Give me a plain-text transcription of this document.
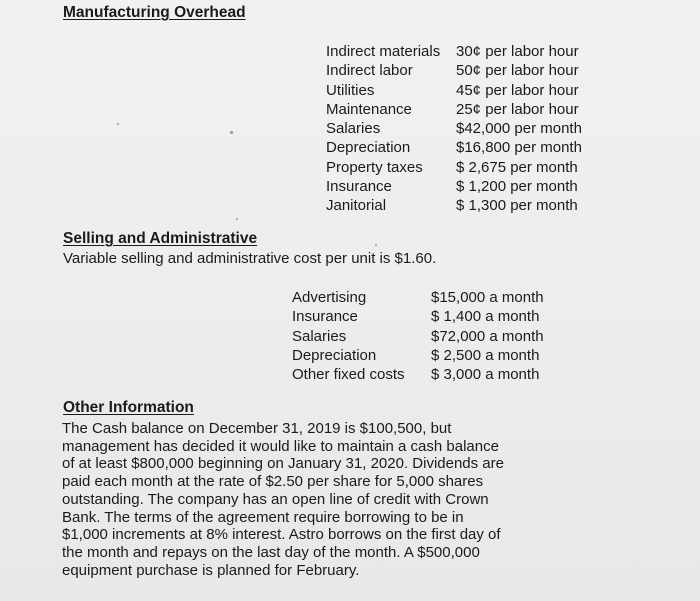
Manufacturing Overhead
Indirect materials	30¢ per labor hour
Indirect labor	50¢ per labor hour
Utilities	45¢ per labor hour
Maintenance	25¢ per labor hour
Salaries	$42,000 per month
Depreciation	$16,800 per month
Property taxes	$ 2,675 per month
Insurance	$ 1,200 per month
Janitorial	$ 1,300 per month
Selling and Administrative
Variable selling and administrative cost per unit is $1.60.
Advertising	$15,000 a month
Insurance	$ 1,400 a month
Salaries	$72,000 a month
Depreciation	$ 2,500 a month
Other fixed costs	$ 3,000 a month
Other Information

The Cash balance on December 31, 2019 is $100,500, but
management has decided it would like to maintain a cash balance
of at least $800,000 beginning on January 31, 2020. Dividends are
paid each month at the rate of $2.50 per share for 5,000 shares
outstanding. The company has an open line of credit with Crown
Bank. The terms of the agreement require borrowing to be in
$1,000 increments at 8% interest. Astro borrows on the first day of
the month and repays on the last day of the month. A $500,000
equipment purchase is planned for February.
